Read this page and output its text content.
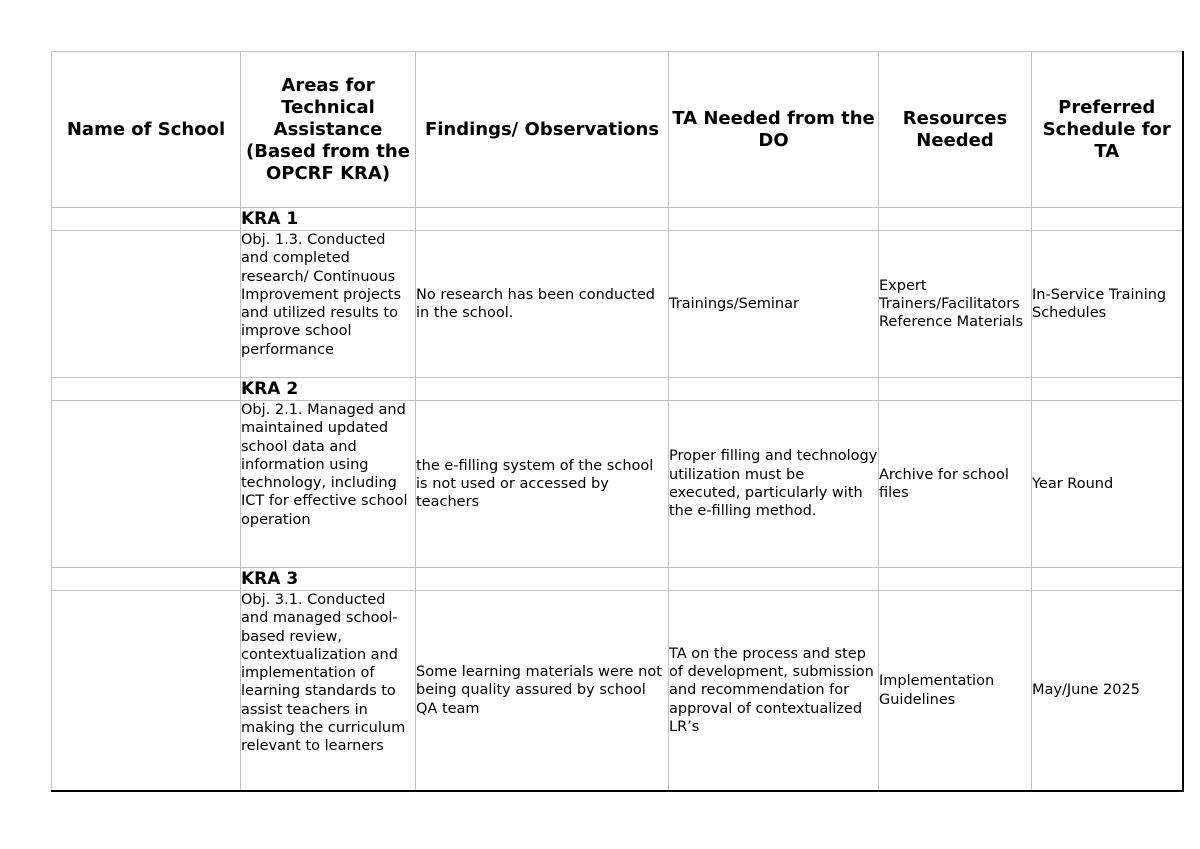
Name of School	Areas for Technical Assistance (Based from the OPCRF KRA)	Findings/ Observations	TA Needed from the DO	Resources Needed	Preferred Schedule for TA
	KRA 1				
	Obj. 1.3. Conducted and completed research/ Continuous Improvement projects and utilized results to improve school performance	No research has been conducted in the school.	Trainings/Seminar	Expert Trainers/Facilitators Reference Materials	In-Service Training Schedules
	KRA 2				
	Obj. 2.1. Managed and maintained updated school data and information using technology, including ICT for effective school operation	the e-filling system of the school is not used or accessed by teachers	Proper filling and technology utilization must be executed, particularly with the e-filling method.	Archive for school files	Year Round
	KRA 3				
	Obj. 3.1. Conducted and managed school-based review, contextualization and implementation of learning standards to assist teachers in making the curriculum relevant to learners	Some learning materials were not being quality assured by school QA team	TA on the process and step of development, submission and recommendation for approval of contextualized LR’s	Implementation Guidelines	May/June 2025
